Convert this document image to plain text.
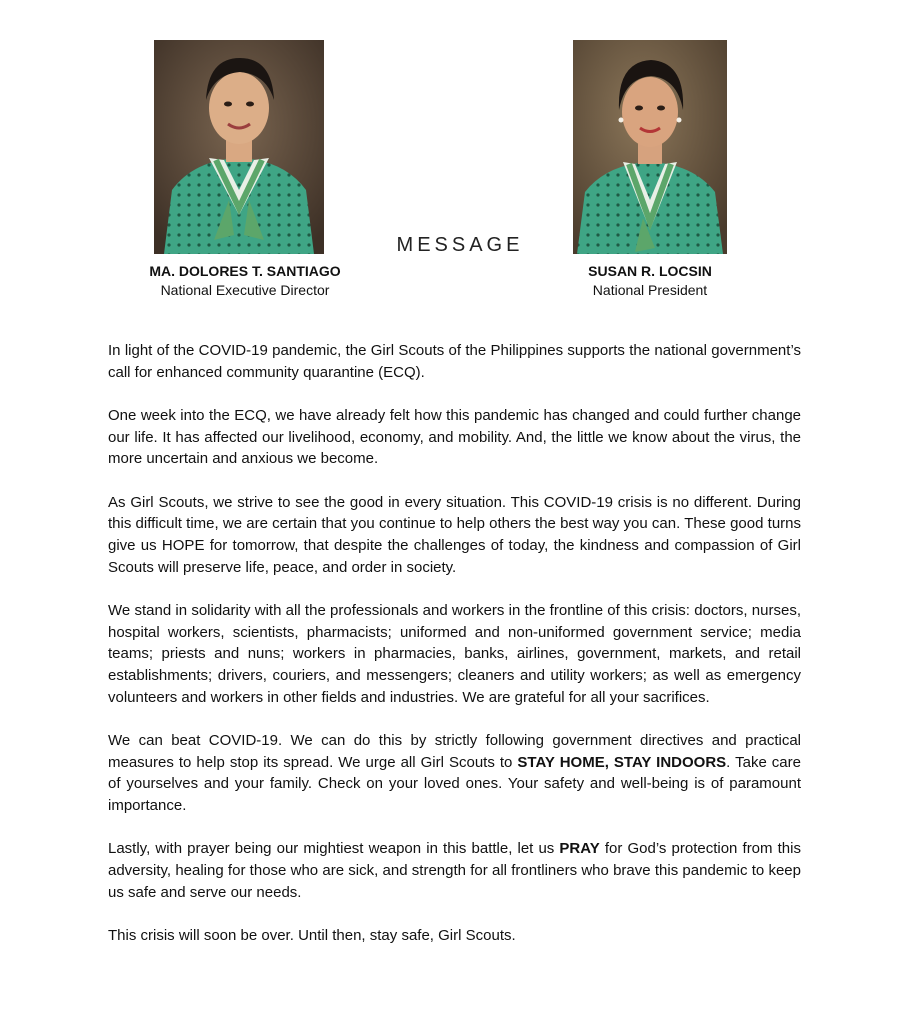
MESSAGE
MA. DOLORES T. SANTIAGO
National Executive Director
SUSAN R. LOCSIN
National President

In light of the COVID-19 pandemic, the Girl Scouts of the Philippines supports the national government’s call for enhanced community quarantine (ECQ).

One week into the ECQ, we have already felt how this pandemic has changed and could further change our life. It has affected our livelihood, economy, and mobility. And, the little we know about the virus, the more uncertain and anxious we become.

As Girl Scouts, we strive to see the good in every situation. This COVID-19 crisis is no different. During this difficult time, we are certain that you continue to help others the best way you can. These good turns give us HOPE for tomorrow, that despite the challenges of today, the kindness and compassion of Girl Scouts will preserve life, peace, and order in society.

We stand in solidarity with all the professionals and workers in the frontline of this crisis: doctors, nurses, hospital workers, scientists, pharmacists; uniformed and non-uniformed government service; media teams; priests and nuns; workers in pharmacies, banks, airlines, government, markets, and retail establishments; drivers, couriers, and messengers; cleaners and utility workers; as well as emergency volunteers and workers in other fields and industries. We are grateful for all your sacrifices.

We can beat COVID-19. We can do this by strictly following government directives and practical measures to help stop its spread. We urge all Girl Scouts to STAY HOME, STAY INDOORS. Take care of yourselves and your family. Check on your loved ones. Your safety and well-being is of paramount importance.

Lastly, with prayer being our mightiest weapon in this battle, let us PRAY for God’s protection from this adversity, healing for those who are sick, and strength for all frontliners who brave this pandemic to keep us safe and serve our needs.

This crisis will soon be over. Until then, stay safe, Girl Scouts.
